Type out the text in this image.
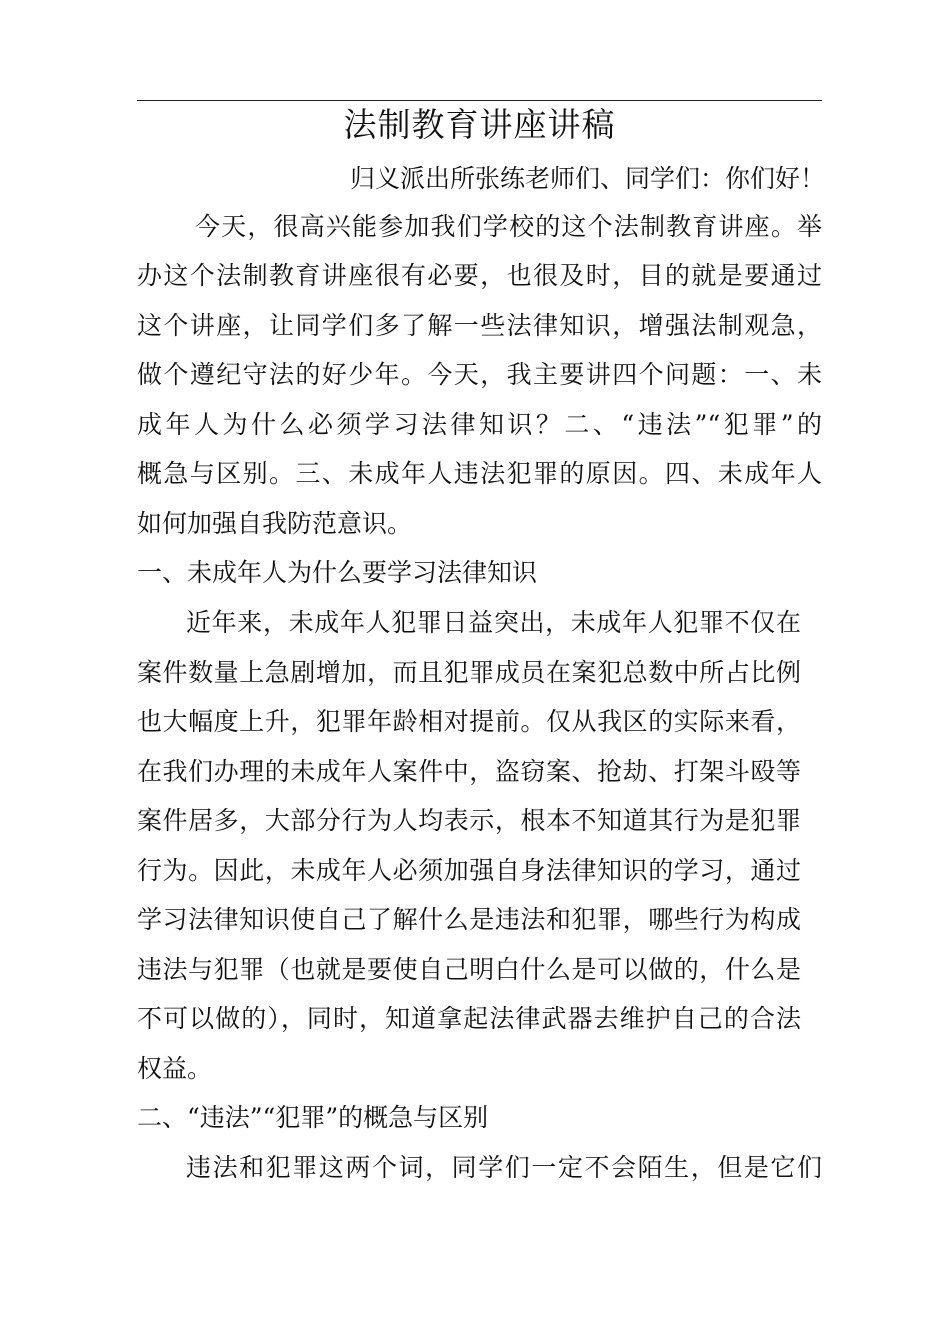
法制教育讲座讲稿
归义派出所张练老师们、同学们：你们好！
今天，很高兴能参加我们学校的这个法制教育讲座。举
办这个法制教育讲座很有必要，也很及时，目的就是要通过
这个讲座，让同学们多了解一些法律知识，增强法制观急，
做个遵纪守法的好少年。今天，我主要讲四个问题：一、未
成年人为什么必须学习法律知识？二、“违法”“犯罪”的
概急与区别。三、未成年人违法犯罪的原因。四、未成年人
如何加强自我防范意识。
一、未成年人为什么要学习法律知识
近年来，未成年人犯罪日益突出，未成年人犯罪不仅在
案件数量上急剧增加，而且犯罪成员在案犯总数中所占比例
也大幅度上升，犯罪年龄相对提前。仅从我区的实际来看，
在我们办理的未成年人案件中，盗窃案、抢劫、打架斗殴等
案件居多，大部分行为人均表示，根本不知道其行为是犯罪
行为。因此，未成年人必须加强自身法律知识的学习，通过
学习法律知识使自己了解什么是违法和犯罪，哪些行为构成
违法与犯罪（也就是要使自己明白什么是可以做的，什么是
不可以做的），同时，知道拿起法律武器去维护自己的合法
权益。
二、“违法”“犯罪”的概急与区别
违法和犯罪这两个词，同学们一定不会陌生，但是它们
